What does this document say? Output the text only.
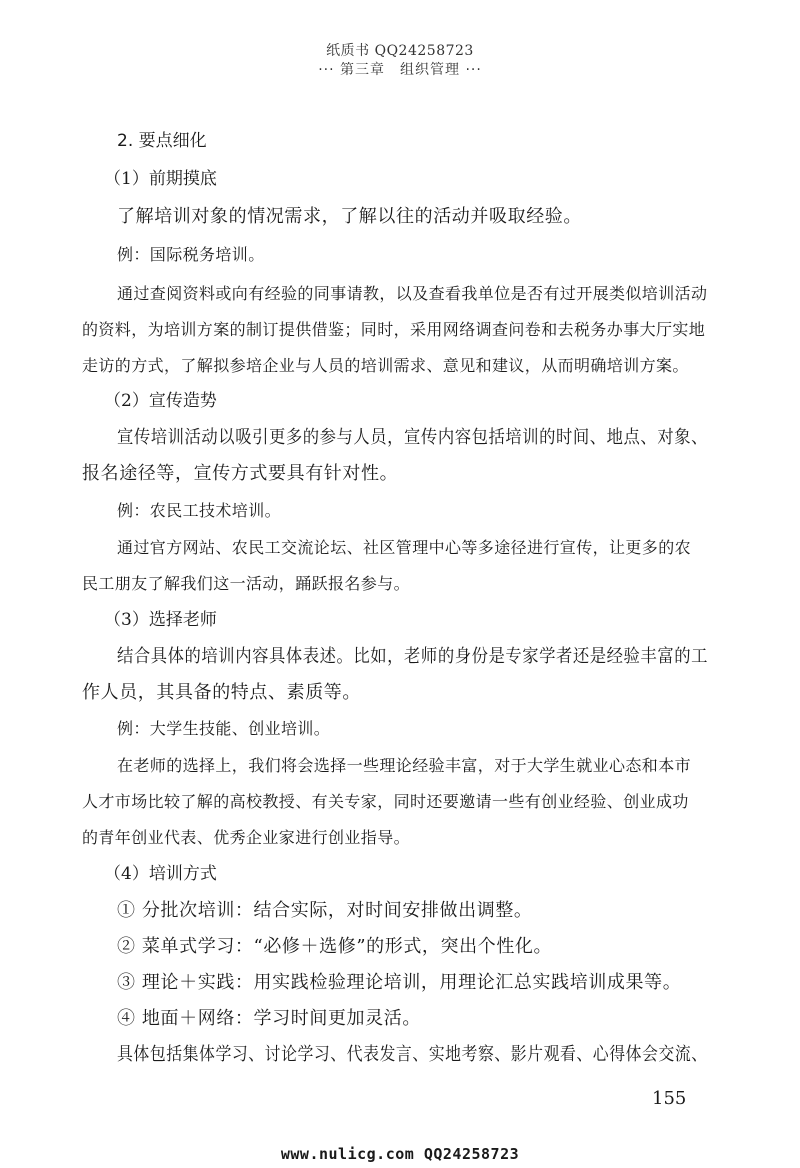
纸质书 QQ24258723
··· 第三章　组织管理 ···
2. 要点细化
（1）前期摸底
了解培训对象的情况需求，了解以往的活动并吸取经验。
例：国际税务培训。
通过查阅资料或向有经验的同事请教，以及查看我单位是否有过开展类似培训活动
的资料，为培训方案的制订提供借鉴；同时，采用网络调查问卷和去税务办事大厅实地
走访的方式，了解拟参培企业与人员的培训需求、意见和建议，从而明确培训方案。
（2）宣传造势
宣传培训活动以吸引更多的参与人员，宣传内容包括培训的时间、地点、对象、
报名途径等，宣传方式要具有针对性。
例：农民工技术培训。
通过官方网站、农民工交流论坛、社区管理中心等多途径进行宣传，让更多的农
民工朋友了解我们这一活动，踊跃报名参与。
（3）选择老师
结合具体的培训内容具体表述。比如，老师的身份是专家学者还是经验丰富的工
作人员，其具备的特点、素质等。
例：大学生技能、创业培训。
在老师的选择上，我们将会选择一些理论经验丰富，对于大学生就业心态和本市
人才市场比较了解的高校教授、有关专家，同时还要邀请一些有创业经验、创业成功
的青年创业代表、优秀企业家进行创业指导。
（4）培训方式
① 分批次培训：结合实际，对时间安排做出调整。
② 菜单式学习：“必修＋选修”的形式，突出个性化。
③ 理论＋实践：用实践检验理论培训，用理论汇总实践培训成果等。
④ 地面＋网络：学习时间更加灵活。
具体包括集体学习、讨论学习、代表发言、实地考察、影片观看、心得体会交流、
155
www.nulicg.com QQ24258723
